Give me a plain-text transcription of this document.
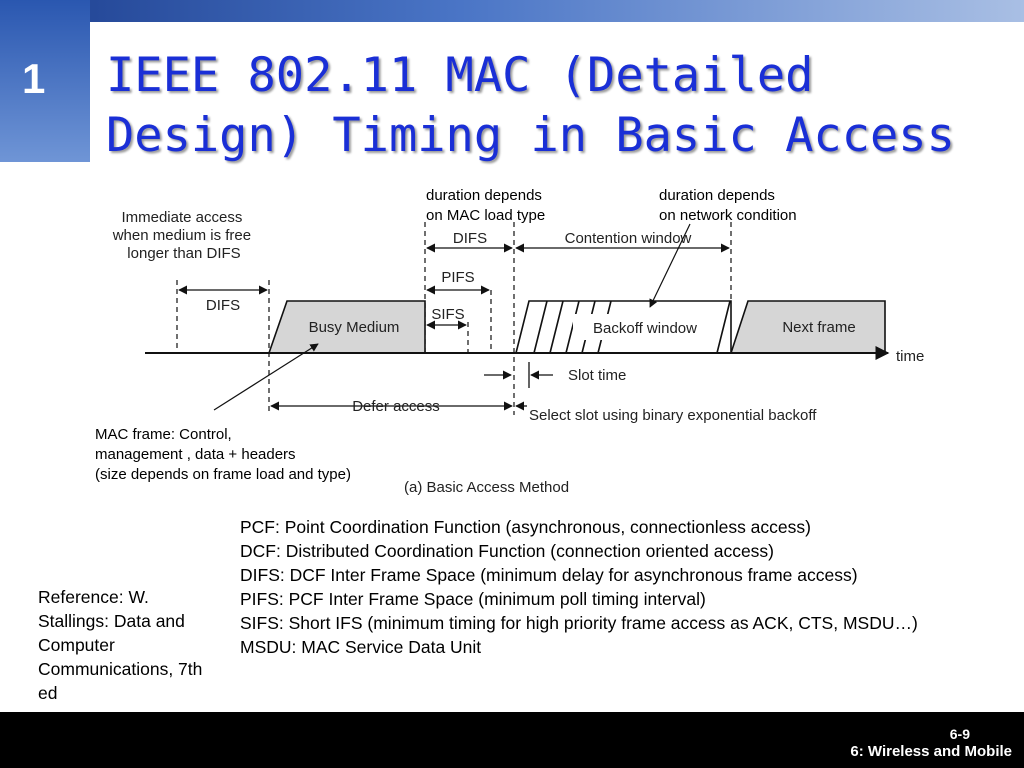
1 IEEE 802.11 MAC (Detailed
Design) Timing in Basic Access
Immediate access when medium is free longer than DIFS
DIFS
Busy Medium
DIFS	Contention window
PIFS
SIFS
Backoff window	Next frame
time
Slot time
Defer access
Select slot using binary exponential backoff
(a) Basic Access Method
duration depends
on MAC load type
duration depends
on network condition
MAC frame: Control,
management , data + headers
(size depends on frame load and type)
PCF: Point Coordination Function (asynchronous, connectionless access)
DCF: Distributed Coordination Function (connection oriented access)
DIFS: DCF Inter Frame Space (minimum delay for asynchronous frame access)
PIFS: PCF Inter Frame Space (minimum poll timing interval)
SIFS: Short IFS (minimum timing for high priority frame access as ACK, CTS, MSDU…)
MSDU: MAC Service Data Unit
Reference: W. Stallings: Data and Computer Communications, 7th ed
6-9
6: Wireless and Mobile
